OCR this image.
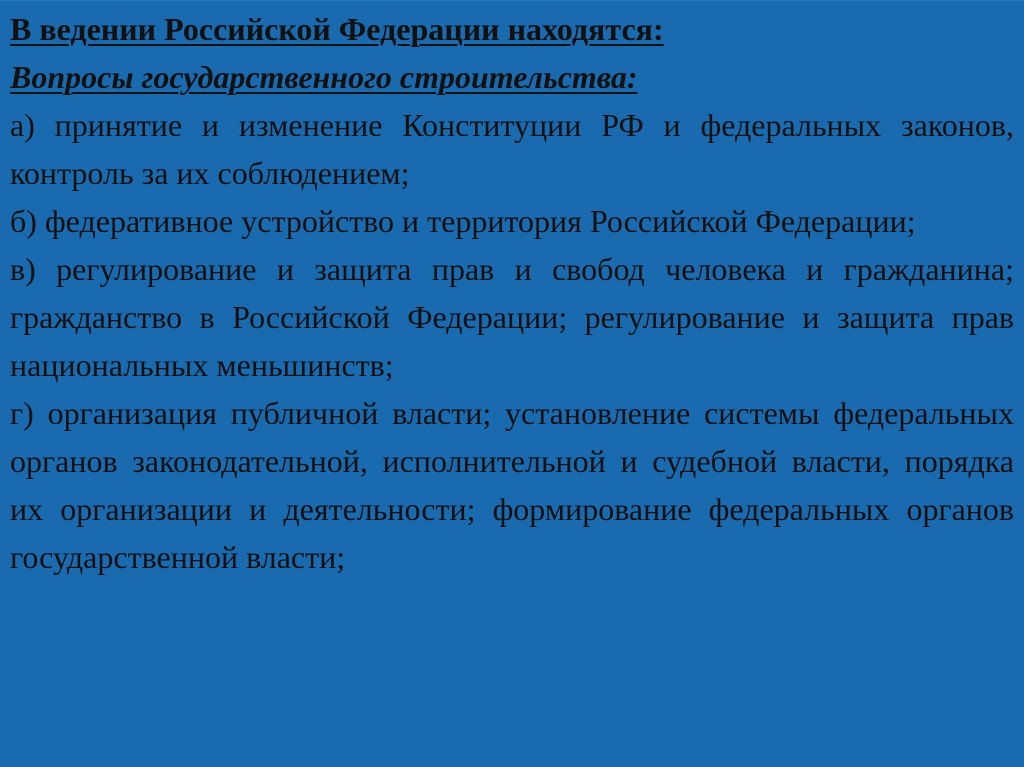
В ведении Российской Федерации находятся:

Вопросы государственного строительства:

а) принятие и изменение Конституции РФ и федеральных законов, контроль за их соблюдением;

б) федеративное устройство и территория Российской Федерации;

в) регулирование и защита прав и свобод человека и гражданина; гражданство в Российской Федерации; регулирование и защита прав национальных меньшинств;

г) организация публичной власти; установление системы федеральных органов законодательной, исполнительной и судебной власти, порядка их организации и деятельности; формирование федеральных органов государственной власти;
